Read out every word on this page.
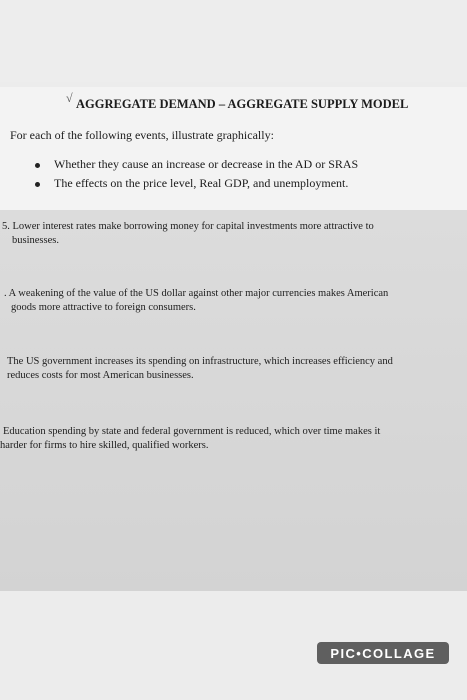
√ AGGREGATE DEMAND – AGGREGATE SUPPLY MODEL
For each of the following events, illustrate graphically:
Whether they cause an increase or decrease in the AD or SRAS
The effects on the price level, Real GDP, and unemployment.
5. Lower interest rates make borrowing money for capital investments more attractive to
businesses.
. A weakening of the value of the US dollar against other major currencies makes American
goods more attractive to foreign consumers.
The US government increases its spending on infrastructure, which increases efficiency and
reduces costs for most American businesses.
Education spending by state and federal government is reduced, which over time makes it
harder for firms to hire skilled, qualified workers.
PIC•COLLAGE
